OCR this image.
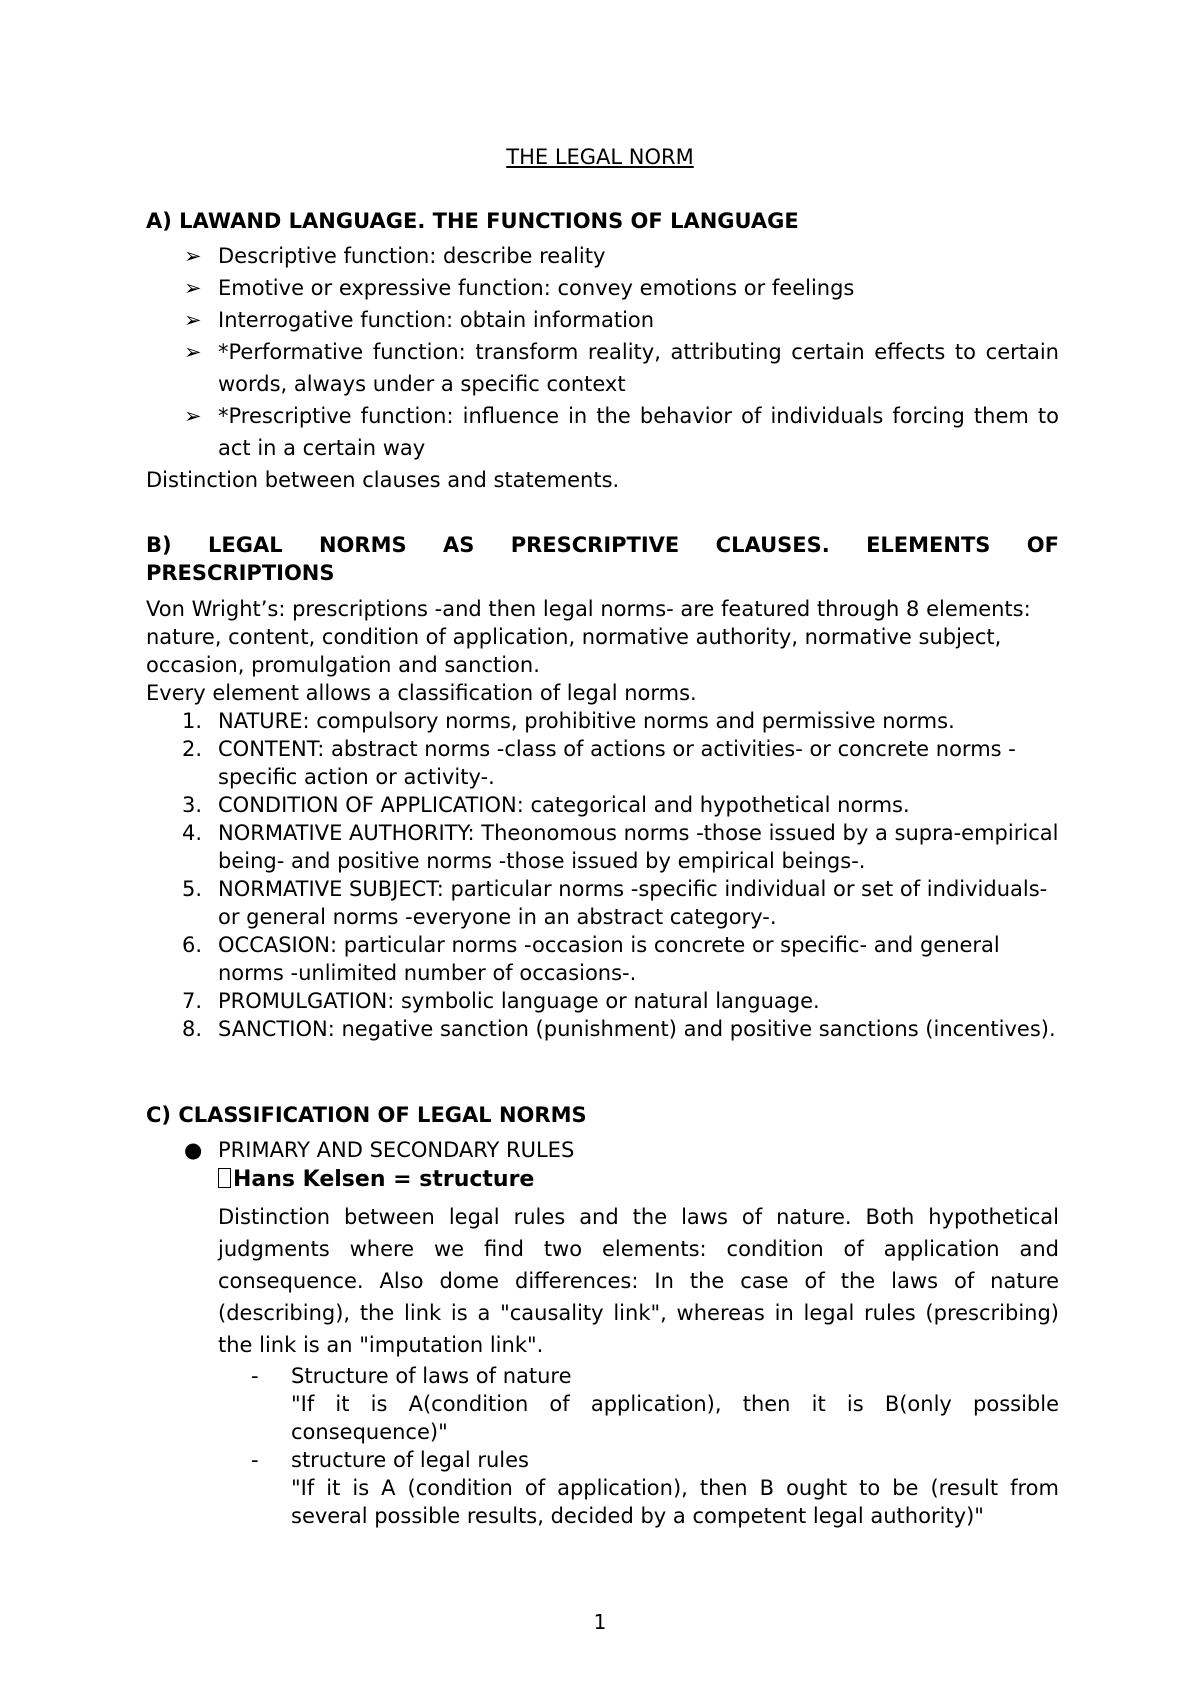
THE LEGAL NORM

A) LAWAND LANGUAGE. THE FUNCTIONS OF LANGUAGE

➢ Descriptive function: describe reality
➢ Emotive or expressive function: convey emotions or feelings
➢ Interrogative function: obtain information
➢ *Performative function: transform reality, attributing certain effects to certain words, always under a specific context
➢ *Prescriptive function: influence in the behavior of individuals forcing them to act in a certain way

Distinction between clauses and statements.

B) LEGAL NORMS AS PRESCRIPTIVE CLAUSES. ELEMENTS OF

PRESCRIPTIONS

Von Wright’s: prescriptions -and then legal norms- are featured through 8 elements: nature, content, condition of application, normative authority, normative subject, occasion, promulgation and sanction.

Every element allows a classification of legal norms.

1. NATURE: compulsory norms, prohibitive norms and permissive norms.
2. CONTENT: abstract norms -class of actions or activities- or concrete norms -specific action or activity-.
3. CONDITION OF APPLICATION: categorical and hypothetical norms.
4. NORMATIVE AUTHORITY: Theonomous norms -those issued by a supra-empirical being- and positive norms -those issued by empirical beings-.
5. NORMATIVE SUBJECT: particular norms -specific individual or set of individuals- or general norms -everyone in an abstract category-.
6. OCCASION: particular norms -occasion is concrete or specific- and general norms -unlimited number of occasions-.
7. PROMULGATION: symbolic language or natural language.
8. SANCTION: negative sanction (punishment) and positive sanctions (incentives).

C) CLASSIFICATION OF LEGAL NORMS

● PRIMARY AND SECONDARY RULES

Hans Kelsen = structure

Distinction between legal rules and the laws of nature. Both hypothetical judgments where we find two elements: condition of application and consequence. Also dome differences: In the case of the laws of nature (describing), the link is a "causality link", whereas in legal rules (prescribing) the link is an "imputation link".

- Structure of laws of nature
"If it is A(condition of application), then it is B(only possible consequence)"
- structure of legal rules
"If it is A (condition of application), then B ought to be (result from several possible results, decided by a competent legal authority)"

1
